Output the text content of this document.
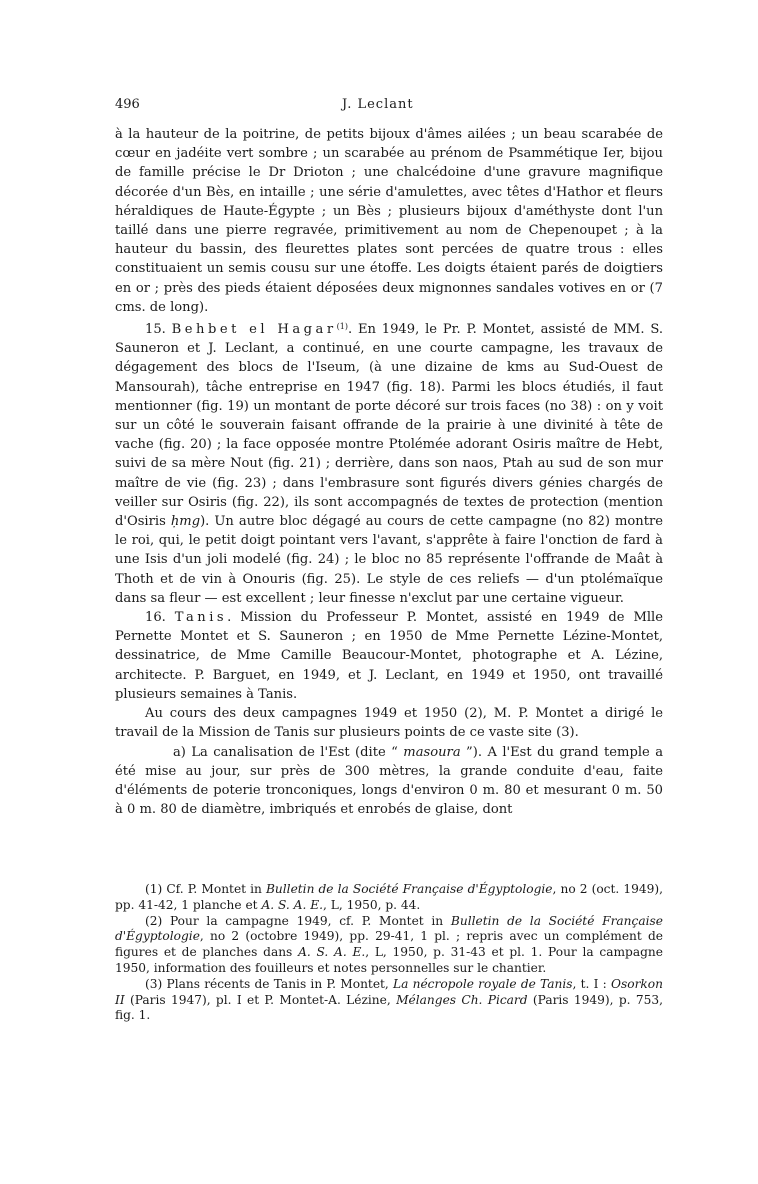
496	J. Leclant

à la hauteur de la poitrine, de petits bijoux d'âmes ailées ; un beau scarabée de cœur en jadéite vert sombre ; un scarabée au prénom de Psammétique Ier, bijou de famille précise le Dr Drioton ; une chalcédoine d'une gravure magnifique décorée d'un Bès, en intaille ; une série d'amulettes, avec têtes d'Hathor et fleurs héraldiques de Haute-Égypte ; un Bès ; plusieurs bijoux d'améthyste dont l'un taillé dans une pierre regravée, primitivement au nom de Chepenoupet ; à la hauteur du bassin, des fleurettes plates sont percées de quatre trous : elles constituaient un semis cousu sur une étoffe. Les doigts étaient parés de doigtiers en or ; près des pieds étaient déposées deux mignonnes sandales votives en or (7 cms. de long).

15. Behbet el Hagar$^{(1)}$. En 1949, le Pr. P. Montet, assisté de MM. S. Sauneron et J. Leclant, a continué, en une courte campagne, les travaux de dégagement des blocs de l'Iseum, (à une dizaine de kms au Sud-Ouest de Mansourah), tâche entreprise en 1947 (fig. 18). Parmi les blocs étudiés, il faut mentionner (fig. 19) un montant de porte décoré sur trois faces (no 38) : on y voit sur un côté le souverain faisant offrande de la prairie à une divinité à tête de vache (fig. 20) ; la face opposée montre Ptolémée adorant Osiris maître de Hebt, suivi de sa mère Nout (fig. 21) ; derrière, dans son naos, Ptah au sud de son mur maître de vie (fig. 23) ; dans l'embrasure sont figurés divers génies chargés de veiller sur Osiris (fig. 22), ils sont accompagnés de textes de protection (mention d'Osiris ḥmg). Un autre bloc dégagé au cours de cette campagne (no 82) montre le roi, qui, le petit doigt pointant vers l'avant, s'apprête à faire l'onction de fard à une Isis d'un joli modelé (fig. 24) ; le bloc no 85 représente l'offrande de Maât à Thoth et de vin à Onouris (fig. 25). Le style de ces reliefs — d'un ptolémaïque dans sa fleur — est excellent ; leur finesse n'exclut par une certaine vigueur.

16. Tanis. Mission du Professeur P. Montet, assisté en 1949 de Mlle Pernette Montet et S. Sauneron ; en 1950 de Mme Pernette Lézine-Montet, dessinatrice, de Mme Camille Beaucour-Montet, photographe et A. Lézine, architecte. P. Barguet, en 1949, et J. Leclant, en 1949 et 1950, ont travaillé plusieurs semaines à Tanis.

Au cours des deux campagnes 1949 et 1950 (2), M. P. Montet a dirigé le travail de la Mission de Tanis sur plusieurs points de ce vaste site (3).

a) La canalisation de l'Est (dite “ masoura ”). A l'Est du grand temple a été mise au jour, sur près de 300 mètres, la grande conduite d'eau, faite d'éléments de poterie tronconiques, longs d'environ 0 m. 80 et mesurant 0 m. 50 à 0 m. 80 de diamètre, imbriqués et enrobés de glaise, dont

(1) Cf. P. Montet in Bulletin de la Société Française d'Égyptologie, no 2 (oct. 1949), pp. 41-42, 1 planche et A. S. A. E., L, 1950, p. 44.

(2) Pour la campagne 1949, cf. P. Montet in Bulletin de la Société Française d'Égyptologie, no 2 (octobre 1949), pp. 29-41, 1 pl. ; repris avec un complément de figures et de planches dans A. S. A. E., L, 1950, p. 31-43 et pl. 1. Pour la campagne 1950, information des fouilleurs et notes personnelles sur le chantier.

(3) Plans récents de Tanis in P. Montet, La nécropole royale de Tanis, t. I : Osorkon II (Paris 1947), pl. I et P. Montet-A. Lézine, Mélanges Ch. Picard (Paris 1949), p. 753, fig. 1.
